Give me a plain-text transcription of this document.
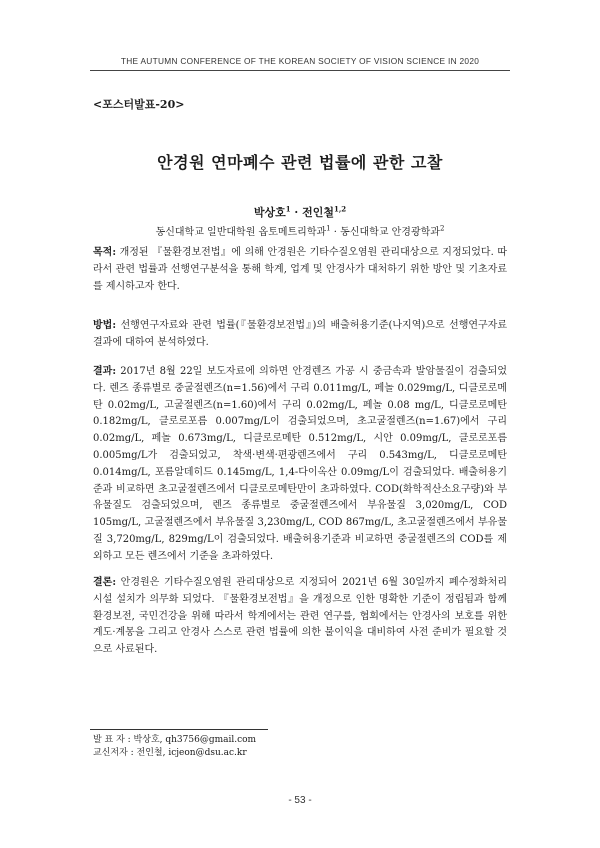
THE AUTUMN CONFERENCE OF THE KOREAN SOCIETY OF VISION SCIENCE IN 2020
<포스터발표-20>
안경원 연마폐수 관련 법률에 관한 고찰
박상호$^1$ · 전인철$^{1,2}$
동신대학교 일반대학원 옵토메트리학과$^1$ · 동신대학교 안경광학과$^2$
목적: 개정된 『물환경보전법』에 의해 안경원은 기타수질오염원 관리대상으로 지정되었다. 따라서 관련 법률과 선행연구분석을 통해 학계, 업계 및 안경사가 대처하기 위한 방안 및 기초자료를 제시하고자 한다.
방법: 선행연구자료와 관련 법률(『물환경보전법』)의 배출허용기준(나지역)으로 선행연구자료 결과에 대하여 분석하였다.
결과: 2017년 8월 22일 보도자료에 의하면 안경렌즈 가공 시 중금속과 발암물질이 검출되었다. 렌즈 종류별로 중굴절렌즈(n=1.56)에서 구리 0.011mg/L, 페놀 0.029mg/L, 디클로로메탄 0.02mg/L, 고굴절렌즈(n=1.60)에서 구리 0.02mg/L, 페놀 0.08 mg/L, 디클로로메탄 0.182mg/L, 클로로포름 0.007mg/L이 검출되었으며, 초고굴절렌즈(n=1.67)에서 구리 0.02mg/L, 페놀 0.673mg/L, 디클로로메탄 0.512mg/L, 시안 0.09mg/L, 클로로포름 0.005mg/L가 검출되었고, 착색·변색·편광렌즈에서 구리 0.543mg/L, 디클로로메탄 0.014mg/L, 포름알데히드 0.145mg/L, 1,4-다이옥산 0.09mg/L이 검출되었다. 배출허용기준과 비교하면 초고굴절렌즈에서 디클로로메탄만이 초과하였다. COD(화학적산소요구량)와 부유물질도 검출되었으며, 렌즈 종류별로 중굴절렌즈에서 부유물질 3,020mg/L, COD 105mg/L, 고굴절렌즈에서 부유물질 3,230mg/L, COD 867mg/L, 초고굴절렌즈에서 부유물질 3,720mg/L, 829mg/L이 검출되었다. 배출허용기준과 비교하면 중굴절렌즈의 COD를 제외하고 모든 렌즈에서 기준을 초과하였다.
결론: 안경원은 기타수질오염원 관리대상으로 지정되어 2021년 6월 30일까지 폐수정화처리 시설 설치가 의무화 되었다. 『물환경보전법』을 개정으로 인한 명확한 기준이 정립됨과 함께 환경보전, 국민건강을 위해 따라서 학계에서는 관련 연구를, 협회에서는 안경사의 보호를 위한 계도·계몽을 그리고 안경사 스스로 관련 법률에 의한 불이익을 대비하여 사전 준비가 필요할 것으로 사료된다.
발 표 자 : 박상호, qh3756@gmail.com
교신저자 : 전인철, icjeon@dsu.ac.kr
- 53 -
